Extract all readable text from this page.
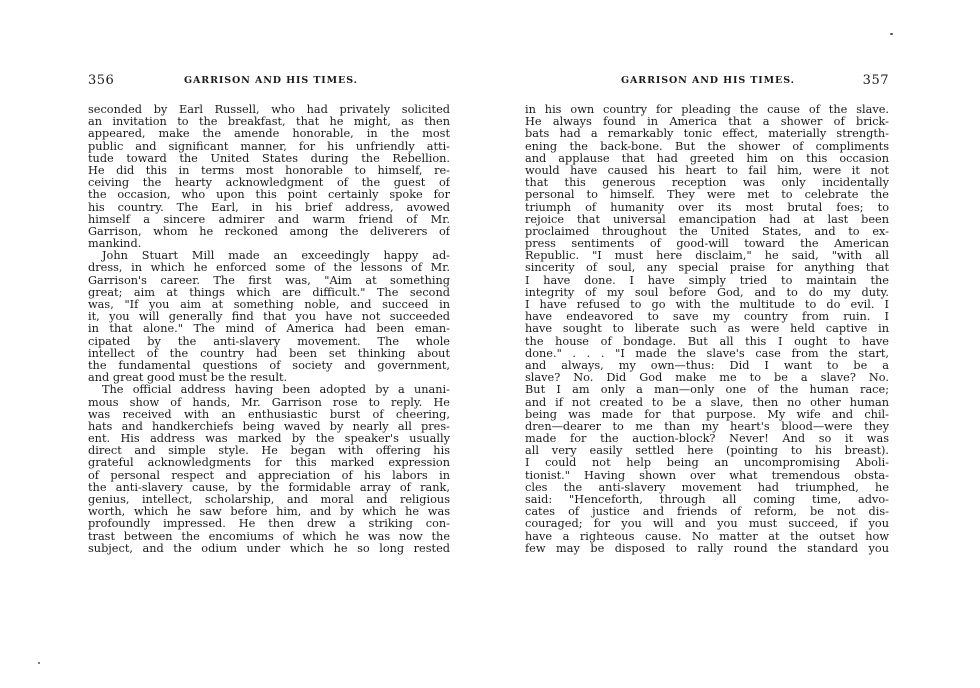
356	GARRISON AND HIS TIMES.
seconded by Earl Russell, who had privately solicited
an invitation to the breakfast, that he might, as then
appeared, make the amende honorable, in the most
public and significant manner, for his unfriendly atti-
tude toward the United States during the Rebellion.
He did this in terms most honorable to himself, re-
ceiving the hearty acknowledgment of the guest of
the occasion, who upon this point certainly spoke for
his country. The Earl, in his brief address, avowed
himself a sincere admirer and warm friend of Mr.
Garrison, whom he reckoned among the deliverers of
mankind.
John Stuart Mill made an exceedingly happy ad-
dress, in which he enforced some of the lessons of Mr.
Garrison's career. The first was, "Aim at something
great; aim at things which are difficult." The second
was, "If you aim at something noble, and succeed in
it, you will generally find that you have not succeeded
in that alone." The mind of America had been eman-
cipated by the anti-slavery movement. The whole
intellect of the country had been set thinking about
the fundamental questions of society and government,
and great good must be the result.
The official address having been adopted by a unani-
mous show of hands, Mr. Garrison rose to reply. He
was received with an enthusiastic burst of cheering,
hats and handkerchiefs being waved by nearly all pres-
ent. His address was marked by the speaker's usually
direct and simple style. He began with offering his
grateful acknowledgments for this marked expression
of personal respect and appreciation of his labors in
the anti-slavery cause, by the formidable array of rank,
genius, intellect, scholarship, and moral and religious
worth, which he saw before him, and by which he was
profoundly impressed. He then drew a striking con-
trast between the encomiums of which he was now the
subject, and the odium under which he so long rested
GARRISON AND HIS TIMES.	357
in his own country for pleading the cause of the slave.
He always found in America that a shower of brick-
bats had a remarkably tonic effect, materially strength-
ening the back-bone. But the shower of compliments
and applause that had greeted him on this occasion
would have caused his heart to fail him, were it not
that this generous reception was only incidentally
personal to himself. They were met to celebrate the
triumph of humanity over its most brutal foes; to
rejoice that universal emancipation had at last been
proclaimed throughout the United States, and to ex-
press sentiments of good-will toward the American
Republic. "I must here disclaim," he said, "with all
sincerity of soul, any special praise for anything that
I have done. I have simply tried to maintain the
integrity of my soul before God, and to do my duty.
I have refused to go with the multitude to do evil. I
have endeavored to save my country from ruin. I
have sought to liberate such as were held captive in
the house of bondage. But all this I ought to have
done." . . . "I made the slave's case from the start,
and always, my own—thus: Did I want to be a
slave? No. Did God make me to be a slave? No.
But I am only a man—only one of the human race;
and if not created to be a slave, then no other human
being was made for that purpose. My wife and chil-
dren—dearer to me than my heart's blood—were they
made for the auction-block? Never! And so it was
all very easily settled here (pointing to his breast).
I could not help being an uncompromising Aboli-
tionist." Having shown over what tremendous obsta-
cles the anti-slavery movement had triumphed, he
said: "Henceforth, through all coming time, advo-
cates of justice and friends of reform, be not dis-
couraged; for you will and you must succeed, if you
have a righteous cause. No matter at the outset how
few may be disposed to rally round the standard you
